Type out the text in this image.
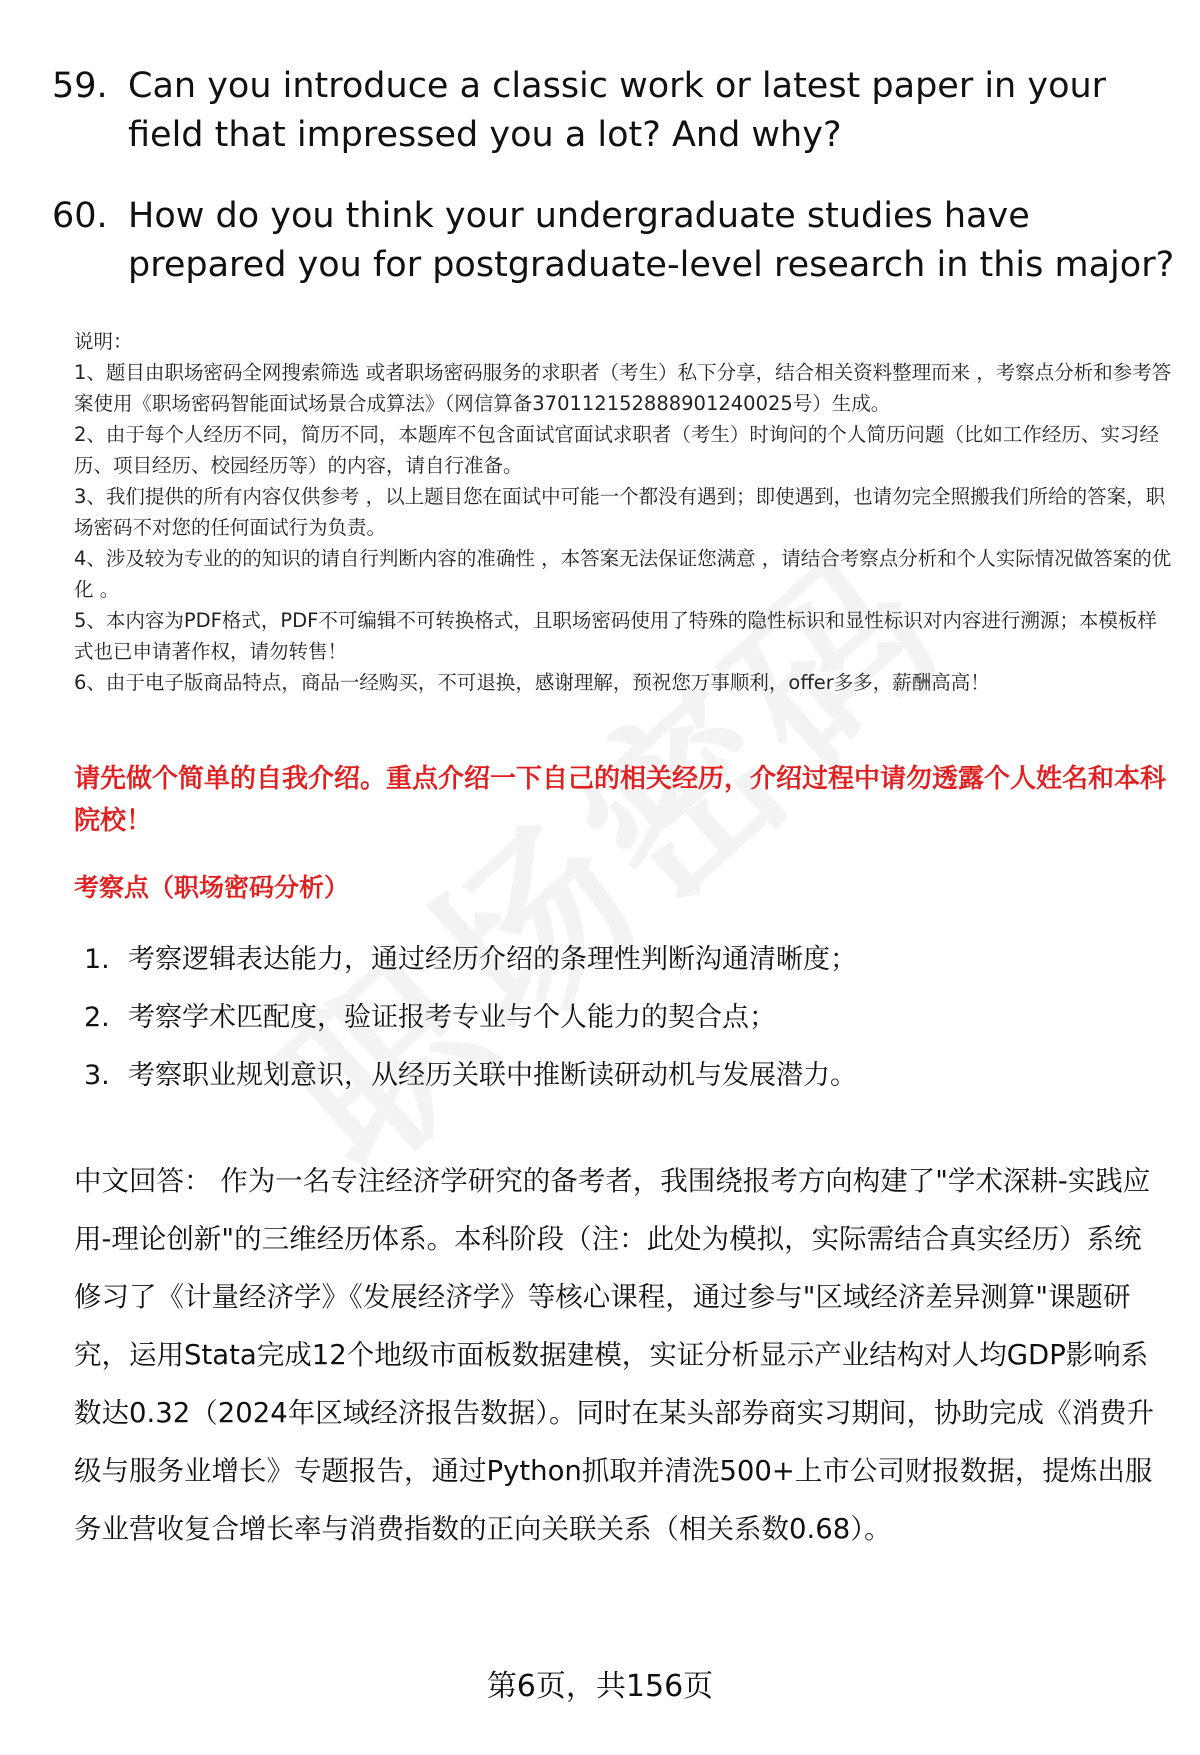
59. Can you introduce a classic work or latest paper in your field that impressed you a lot? And why?
60. How do you think your undergraduate studies have prepared you for postgraduate-level research in this major?

说明：

1、题目由职场密码全网搜索筛选 或者职场密码服务的求职者（考生）私下分享，结合相关资料整理而来 ，考察点分析和参考答案使用《职场密码智能面试场景合成算法》（网信算备370112152888901240025号）生成。

2、由于每个人经历不同，简历不同，本题库不包含面试官面试求职者（考生）时询问的个人简历问题（比如工作经历、实习经历、项目经历、校园经历等）的内容，请自行准备。

3、我们提供的所有内容仅供参考 ，以上题目您在面试中可能一个都没有遇到；即使遇到，也请勿完全照搬我们所给的答案，职场密码不对您的任何面试行为负责。

4、涉及较为专业的的知识的请自行判断内容的准确性 ，本答案无法保证您满意 ，请结合考察点分析和个人实际情况做答案的优化 。

5、本内容为PDF格式，PDF不可编辑不可转换格式，且职场密码使用了特殊的隐性标识和显性标识对内容进行溯源；本模板样式也已申请著作权，请勿转售！

6、由于电子版商品特点，商品一经购买，不可退换，感谢理解，预祝您万事顺利，offer多多，薪酬高高！

请先做个简单的自我介绍。重点介绍一下自己的相关经历，介绍过程中请勿透露个人姓名和本科院校！
考察点（职场密码分析）
1. 考察逻辑表达能力，通过经历介绍的条理性判断沟通清晰度；
2. 考察学术匹配度，验证报考专业与个人能力的契合点；
3. 考察职业规划意识，从经历关联中推断读研动机与发展潜力。
中文回答： 作为一名专注经济学研究的备考者，我围绕报考方向构建了"学术深耕-实践应用-理论创新"的三维经历体系。本科阶段（注：此处为模拟，实际需结合真实经历）系统修习了《计量经济学》《发展经济学》等核心课程，通过参与"区域经济差异测算"课题研究，运用Stata完成12个地级市面板数据建模，实证分析显示产业结构对人均GDP影响系数达0.32（2024年区域经济报告数据）。同时在某头部券商实习期间，协助完成《消费升级与服务业增长》专题报告，通过Python抓取并清洗500+上市公司财报数据，提炼出服务业营收复合增长率与消费指数的正向关联关系（相关系数0.68）。
第6页，共156页
